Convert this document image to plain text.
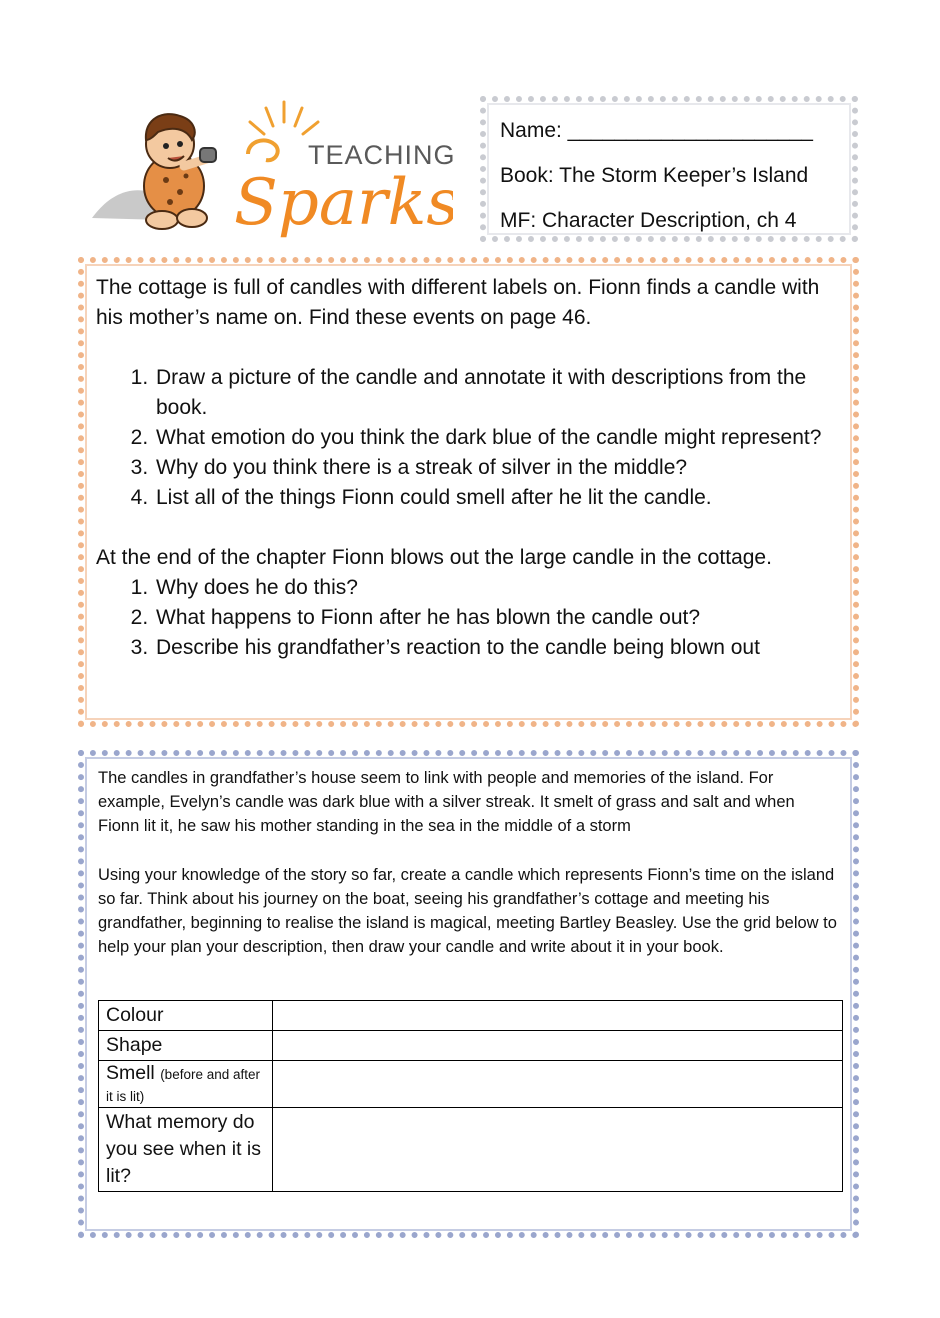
TEACHING
Sparks
Name: _____________________
Book: The Storm Keeper’s Island
MF: Character Description, ch 4

The cottage is full of candles with different labels on. Fionn finds a candle with his mother’s name on. Find these events on page 46.

1. Draw a picture of the candle and annotate it with descriptions from the book.
2. What emotion do you think the dark blue of the candle might represent?
3. Why do you think there is a streak of silver in the middle?
4. List all of the things Fionn could smell after he lit the candle.

At the end of the chapter Fionn blows out the large candle in the cottage.

1. Why does he do this?
2. What happens to Fionn after he has blown the candle out?
3. Describe his grandfather’s reaction to the candle being blown out

The candles in grandfather’s house seem to link with people and memories of the island. For example, Evelyn’s candle was dark blue with a silver streak. It smelt of grass and salt and when Fionn lit it, he saw his mother standing in the sea in the middle of a storm

Using your knowledge of the story so far, create a candle which represents Fionn’s time on the island so far. Think about his journey on the boat, seeing his grandfather’s cottage and meeting his grandfather, beginning to realise the island is magical, meeting Bartley Beasley. Use the grid below to help your plan your description, then draw your candle and write about it in your book.

Colour	
Shape	
Smell (before and after it is lit)	
What memory do you see when it is lit?	
